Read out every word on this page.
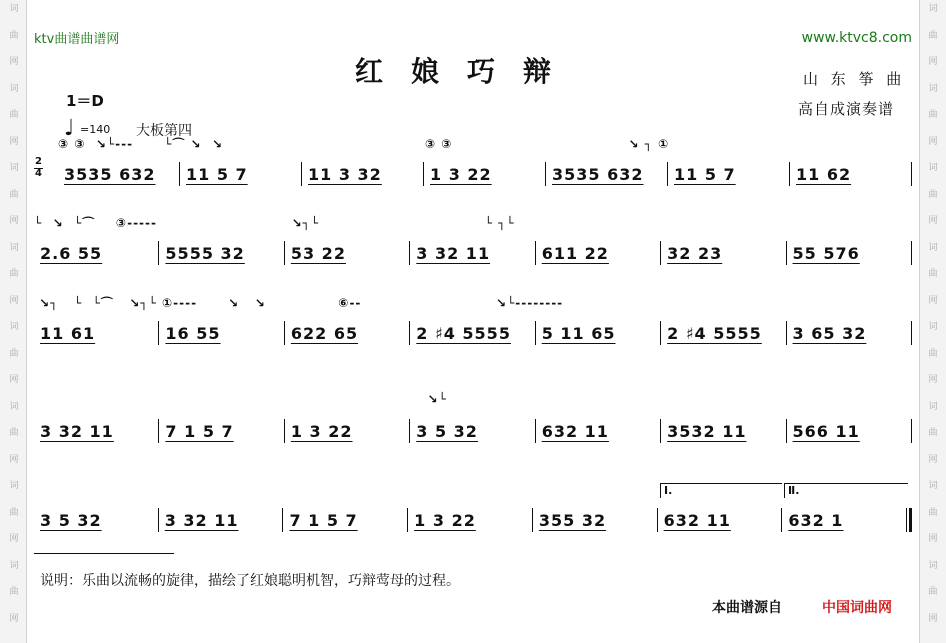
词
曲
网
词
曲
网
词
曲
网
词
曲
网
词
曲
网
词
曲
网
词
曲
网
词
曲
网
词
曲
网
词
曲
网
词
曲
网
词
曲
网
词
曲
网
词
曲
网
词
曲
网
词
曲
网
ktv曲谱曲谱网	www.ktvc8.com
红娘巧辩	山 东 筝 曲
高自成演奏谱
1＝D
♩ =140 大板第四
2
4
③ ③  ↘└---      └⌒ ↘  ↘                                       ③ ③                                  ↘ ┐ ①
3535 632	11 5 7	11 3 32	1 3 22	3535 632	11 5 7	11 62
└  ↘  └⌒    ③-----                          ↘┐└                                └ ┐└
2.6 55	5555 32	53 22	3 32 11	611 22	32 23	55 576
↘┐   └  └⌒   ↘┐└ ①----      ↘   ↘              ⑥--                          ↘└--------
11 61	16 55	622 65	2 ♯4 5555	5 11 65	2 ♯4 5555	3 65 32
↘└
3 32 11	7 1 5 7	1 3 22	3 5 32	632 11	3532 11	566 11
Ⅰ.	Ⅱ.
3 5 32	3 32 11	7 1 5 7	1 3 22	355 32	632 11	632 1
说明：乐曲以流畅的旋律，描绘了红娘聪明机智，巧辩莺母的过程。
本曲谱源自	中国词曲网
